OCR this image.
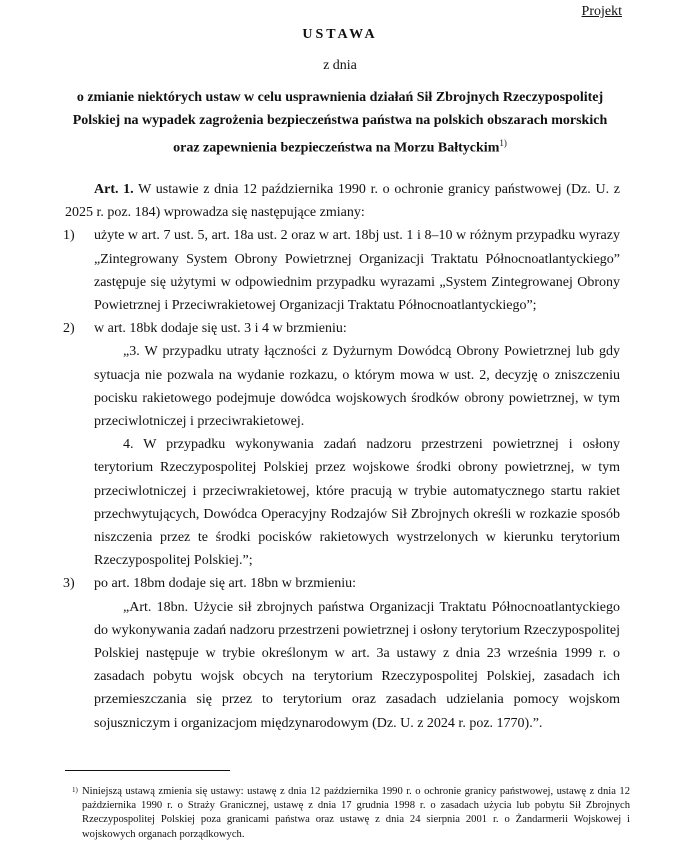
Projekt
USTAWA
z dnia
o zmianie niektórych ustaw w celu usprawnienia działań Sił Zbrojnych Rzeczypospolitej Polskiej na wypadek zagrożenia bezpieczeństwa państwa na polskich obszarach morskich oraz zapewnienia bezpieczeństwa na Morzu Bałtyckim$^{1)}$

Art. 1. W ustawie z dnia 12 października 1990 r. o ochronie granicy państwowej (Dz. U. z 2025 r. poz. 184) wprowadza się następujące zmiany:

1) użyte w art. 7 ust. 5, art. 18a ust. 2 oraz w art. 18bj ust. 1 i 8–10 w różnym przypadku wyrazy „Zintegrowany System Obrony Powietrznej Organizacji Traktatu Północnoatlantyckiego” zastępuje się użytymi w odpowiednim przypadku wyrazami „System Zintegrowanej Obrony Powietrznej i Przeciwrakietowej Organizacji Traktatu Północnoatlantyckiego”;
2) w art. 18bk dodaje się ust. 3 i 4 w brzmieniu:
„3. W przypadku utraty łączności z Dyżurnym Dowódcą Obrony Powietrznej lub gdy sytuacja nie pozwala na wydanie rozkazu, o którym mowa w ust. 2, decyzję o zniszczeniu pocisku rakietowego podejmuje dowódca wojskowych środków obrony powietrznej, w tym przeciwlotniczej i przeciwrakietowej.
4. W przypadku wykonywania zadań nadzoru przestrzeni powietrznej i osłony terytorium Rzeczypospolitej Polskiej przez wojskowe środki obrony powietrznej, w tym przeciwlotniczej i przeciwrakietowej, które pracują w trybie automatycznego startu rakiet przechwytujących, Dowódca Operacyjny Rodzajów Sił Zbrojnych określi w rozkazie sposób niszczenia przez te środki pocisków rakietowych wystrzelonych w kierunku terytorium Rzeczypospolitej Polskiej.”;
3) po art. 18bm dodaje się art. 18bn w brzmieniu:
„Art. 18bn. Użycie sił zbrojnych państwa Organizacji Traktatu Północnoatlantyckiego do wykonywania zadań nadzoru przestrzeni powietrznej i osłony terytorium Rzeczypospolitej Polskiej następuje w trybie określonym w art. 3a ustawy z dnia 23 września 1999 r. o zasadach pobytu wojsk obcych na terytorium Rzeczypospolitej Polskiej, zasadach ich przemieszczania się przez to terytorium oraz zasadach udzielania pomocy wojskom sojuszniczym i organizacjom międzynarodowym (Dz. U. z 2024 r. poz. 1770).”.
1) Niniejszą ustawą zmienia się ustawy: ustawę z dnia 12 października 1990 r. o ochronie granicy państwowej, ustawę z dnia 12 października 1990 r. o Straży Granicznej, ustawę z dnia 17 grudnia 1998 r. o zasadach użycia lub pobytu Sił Zbrojnych Rzeczypospolitej Polskiej poza granicami państwa oraz ustawę z dnia 24 sierpnia 2001 r. o Żandarmerii Wojskowej i wojskowych organach porządkowych.
